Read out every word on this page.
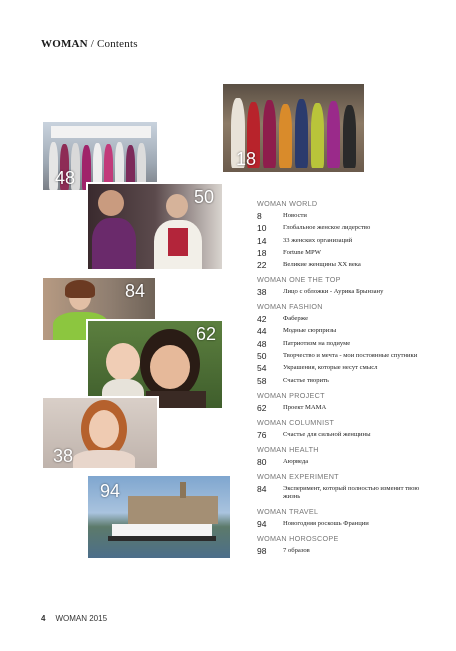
WOMAN / Contents
18
48
50
84
62
38
94
WOMAN WORLD
8	Новости
10	Глобальное женское лидерство
14	33 женских организаций
18	Fortune MPW
22	Великие женщины XX века
WOMAN ONE THE TOP
38	Лицо с обложки - Аурика Брынзану
WOMAN FASHION
42	Фаберже
44	Модные сюрпризы
48	Патриотизм на подиуме
50	Творчество и мечта - мои постоянные спутники
54	Украшения, которые несут смысл
58	Счастье творить
WOMAN PROJECT
62	Проект MAMA
WOMAN COLUMNIST
76	Счастье для сильной женщины
WOMAN HEALTH
80	Аюрведа
WOMAN EXPERIMENT
84	Эксперимент, который полностью изменит твою жизнь
WOMAN TRAVEL
94	Новогодняя роскошь Франции
WOMAN HOROSCOPE
98	7 образов
4 WOMAN 2015
